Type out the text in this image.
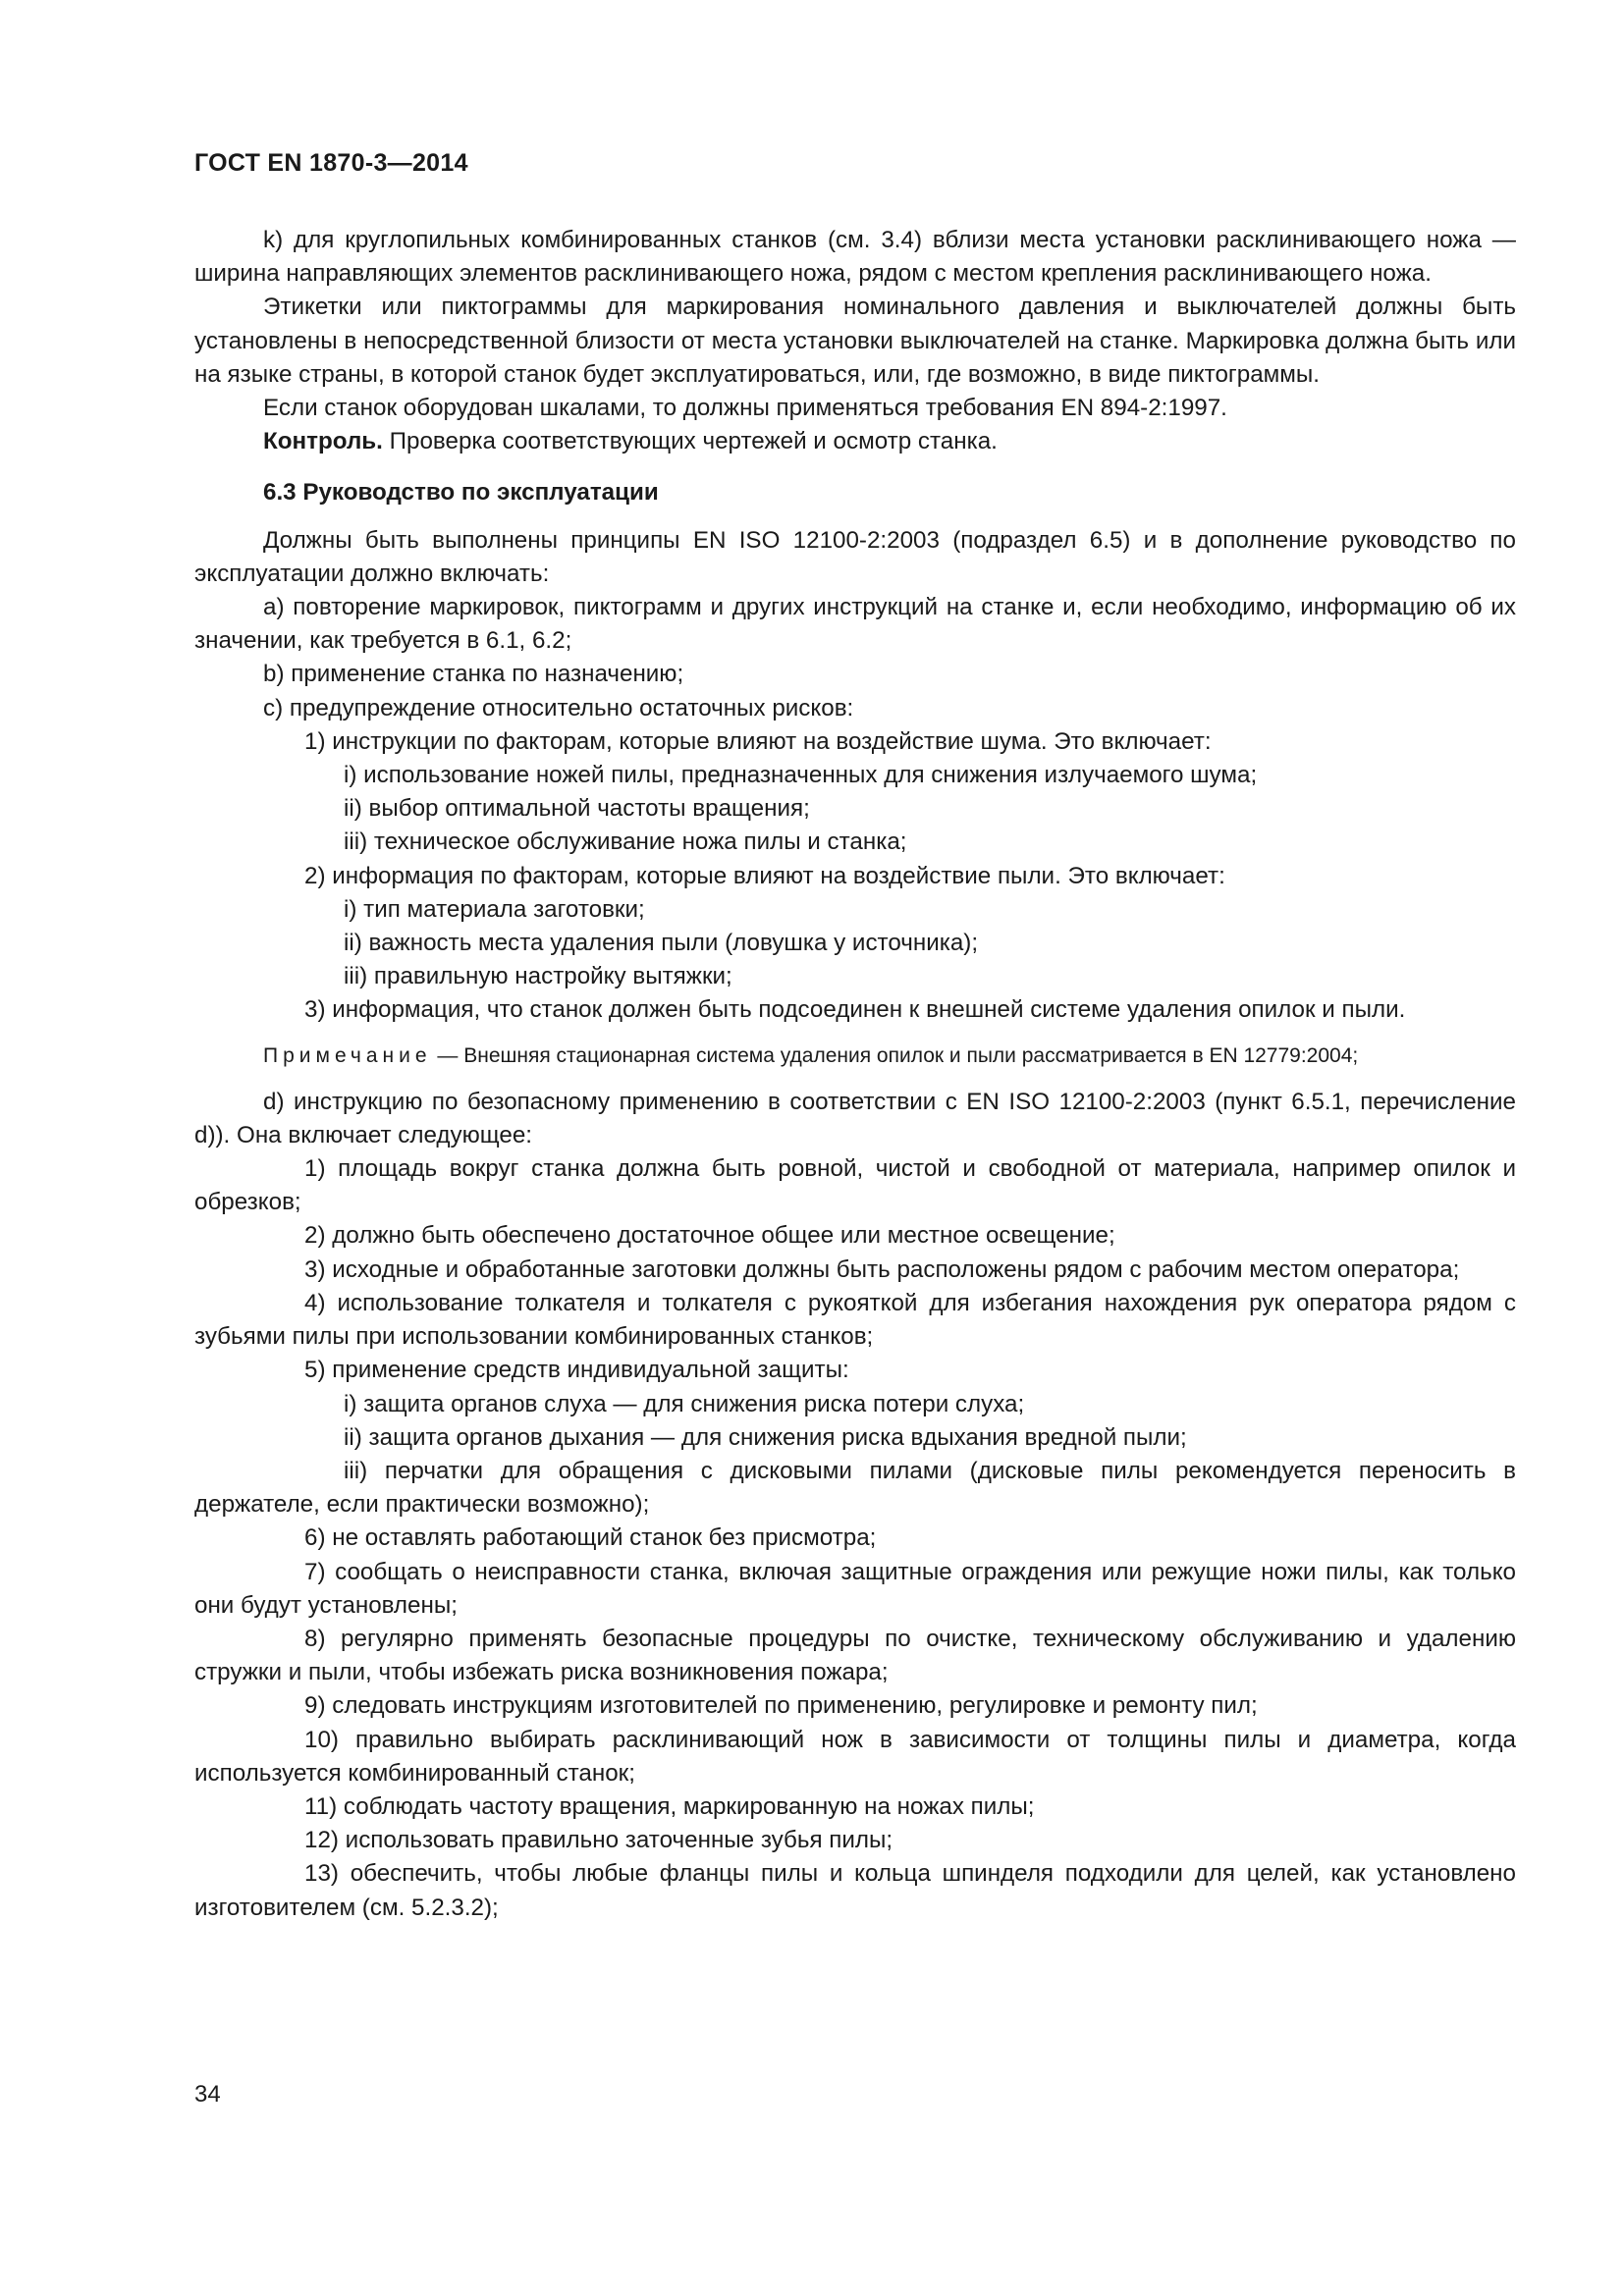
ГОСТ EN 1870-3—2014

k) для круглопильных комбинированных станков (см. 3.4) вблизи места установки расклинивающего ножа — ширина направляющих элементов расклинивающего ножа, рядом с местом крепления расклинивающего ножа.

Этикетки или пиктограммы для маркирования номинального давления и выключателей должны быть установлены в непосредственной близости от места установки выключателей на станке. Маркировка должна быть или на языке страны, в которой станок будет эксплуатироваться, или, где возможно, в виде пиктограммы.

Если станок оборудован шкалами, то должны применяться требования EN 894-2:1997.

Контроль. Проверка соответствующих чертежей и осмотр станка.

6.3 Руководство по эксплуатации

Должны быть выполнены принципы EN ISO 12100-2:2003 (подраздел 6.5) и в дополнение руководство по эксплуатации должно включать:

a) повторение маркировок, пиктограмм и других инструкций на станке и, если необходимо, информацию об их значении, как требуется в 6.1, 6.2;

b) применение станка по назначению;

c) предупреждение относительно остаточных рисков:

1) инструкции по факторам, которые влияют на воздействие шума. Это включает:

i) использование ножей пилы, предназначенных для снижения излучаемого шума;

ii) выбор оптимальной частоты вращения;

iii) техническое обслуживание ножа пилы и станка;

2) информация по факторам, которые влияют на воздействие пыли. Это включает:

i) тип материала заготовки;

ii) важность места удаления пыли (ловушка у источника);

iii) правильную настройку вытяжки;

3) информация, что станок должен быть подсоединен к внешней системе удаления опилок и пыли.

Примечание — Внешняя стационарная система удаления опилок и пыли рассматривается в EN 12779:2004;

d) инструкцию по безопасному применению в соответствии с EN ISO 12100-2:2003 (пункт 6.5.1, перечисление d)). Она включает следующее:

1) площадь вокруг станка должна быть ровной, чистой и свободной от материала, например опилок и обрезков;

2) должно быть обеспечено достаточное общее или местное освещение;

3) исходные и обработанные заготовки должны быть расположены рядом с рабочим местом оператора;

4) использование толкателя и толкателя с рукояткой для избегания нахождения рук оператора рядом с зубьями пилы при использовании комбинированных станков;

5) применение средств индивидуальной защиты:

i) защита органов слуха — для снижения риска потери слуха;

ii) защита органов дыхания — для снижения риска вдыхания вредной пыли;

iii) перчатки для обращения с дисковыми пилами (дисковые пилы рекомендуется переносить в держателе, если практически возможно);

6) не оставлять работающий станок без присмотра;

7) сообщать о неисправности станка, включая защитные ограждения или режущие ножи пилы, как только они будут установлены;

8) регулярно применять безопасные процедуры по очистке, техническому обслуживанию и удалению стружки и пыли, чтобы избежать риска возникновения пожара;

9) следовать инструкциям изготовителей по применению, регулировке и ремонту пил;

10) правильно выбирать расклинивающий нож в зависимости от толщины пилы и диаметра, когда используется комбинированный станок;

11) соблюдать частоту вращения, маркированную на ножах пилы;

12) использовать правильно заточенные зубья пилы;

13) обеспечить, чтобы любые фланцы пилы и кольца шпинделя подходили для целей, как установлено изготовителем (см. 5.2.3.2);

34
